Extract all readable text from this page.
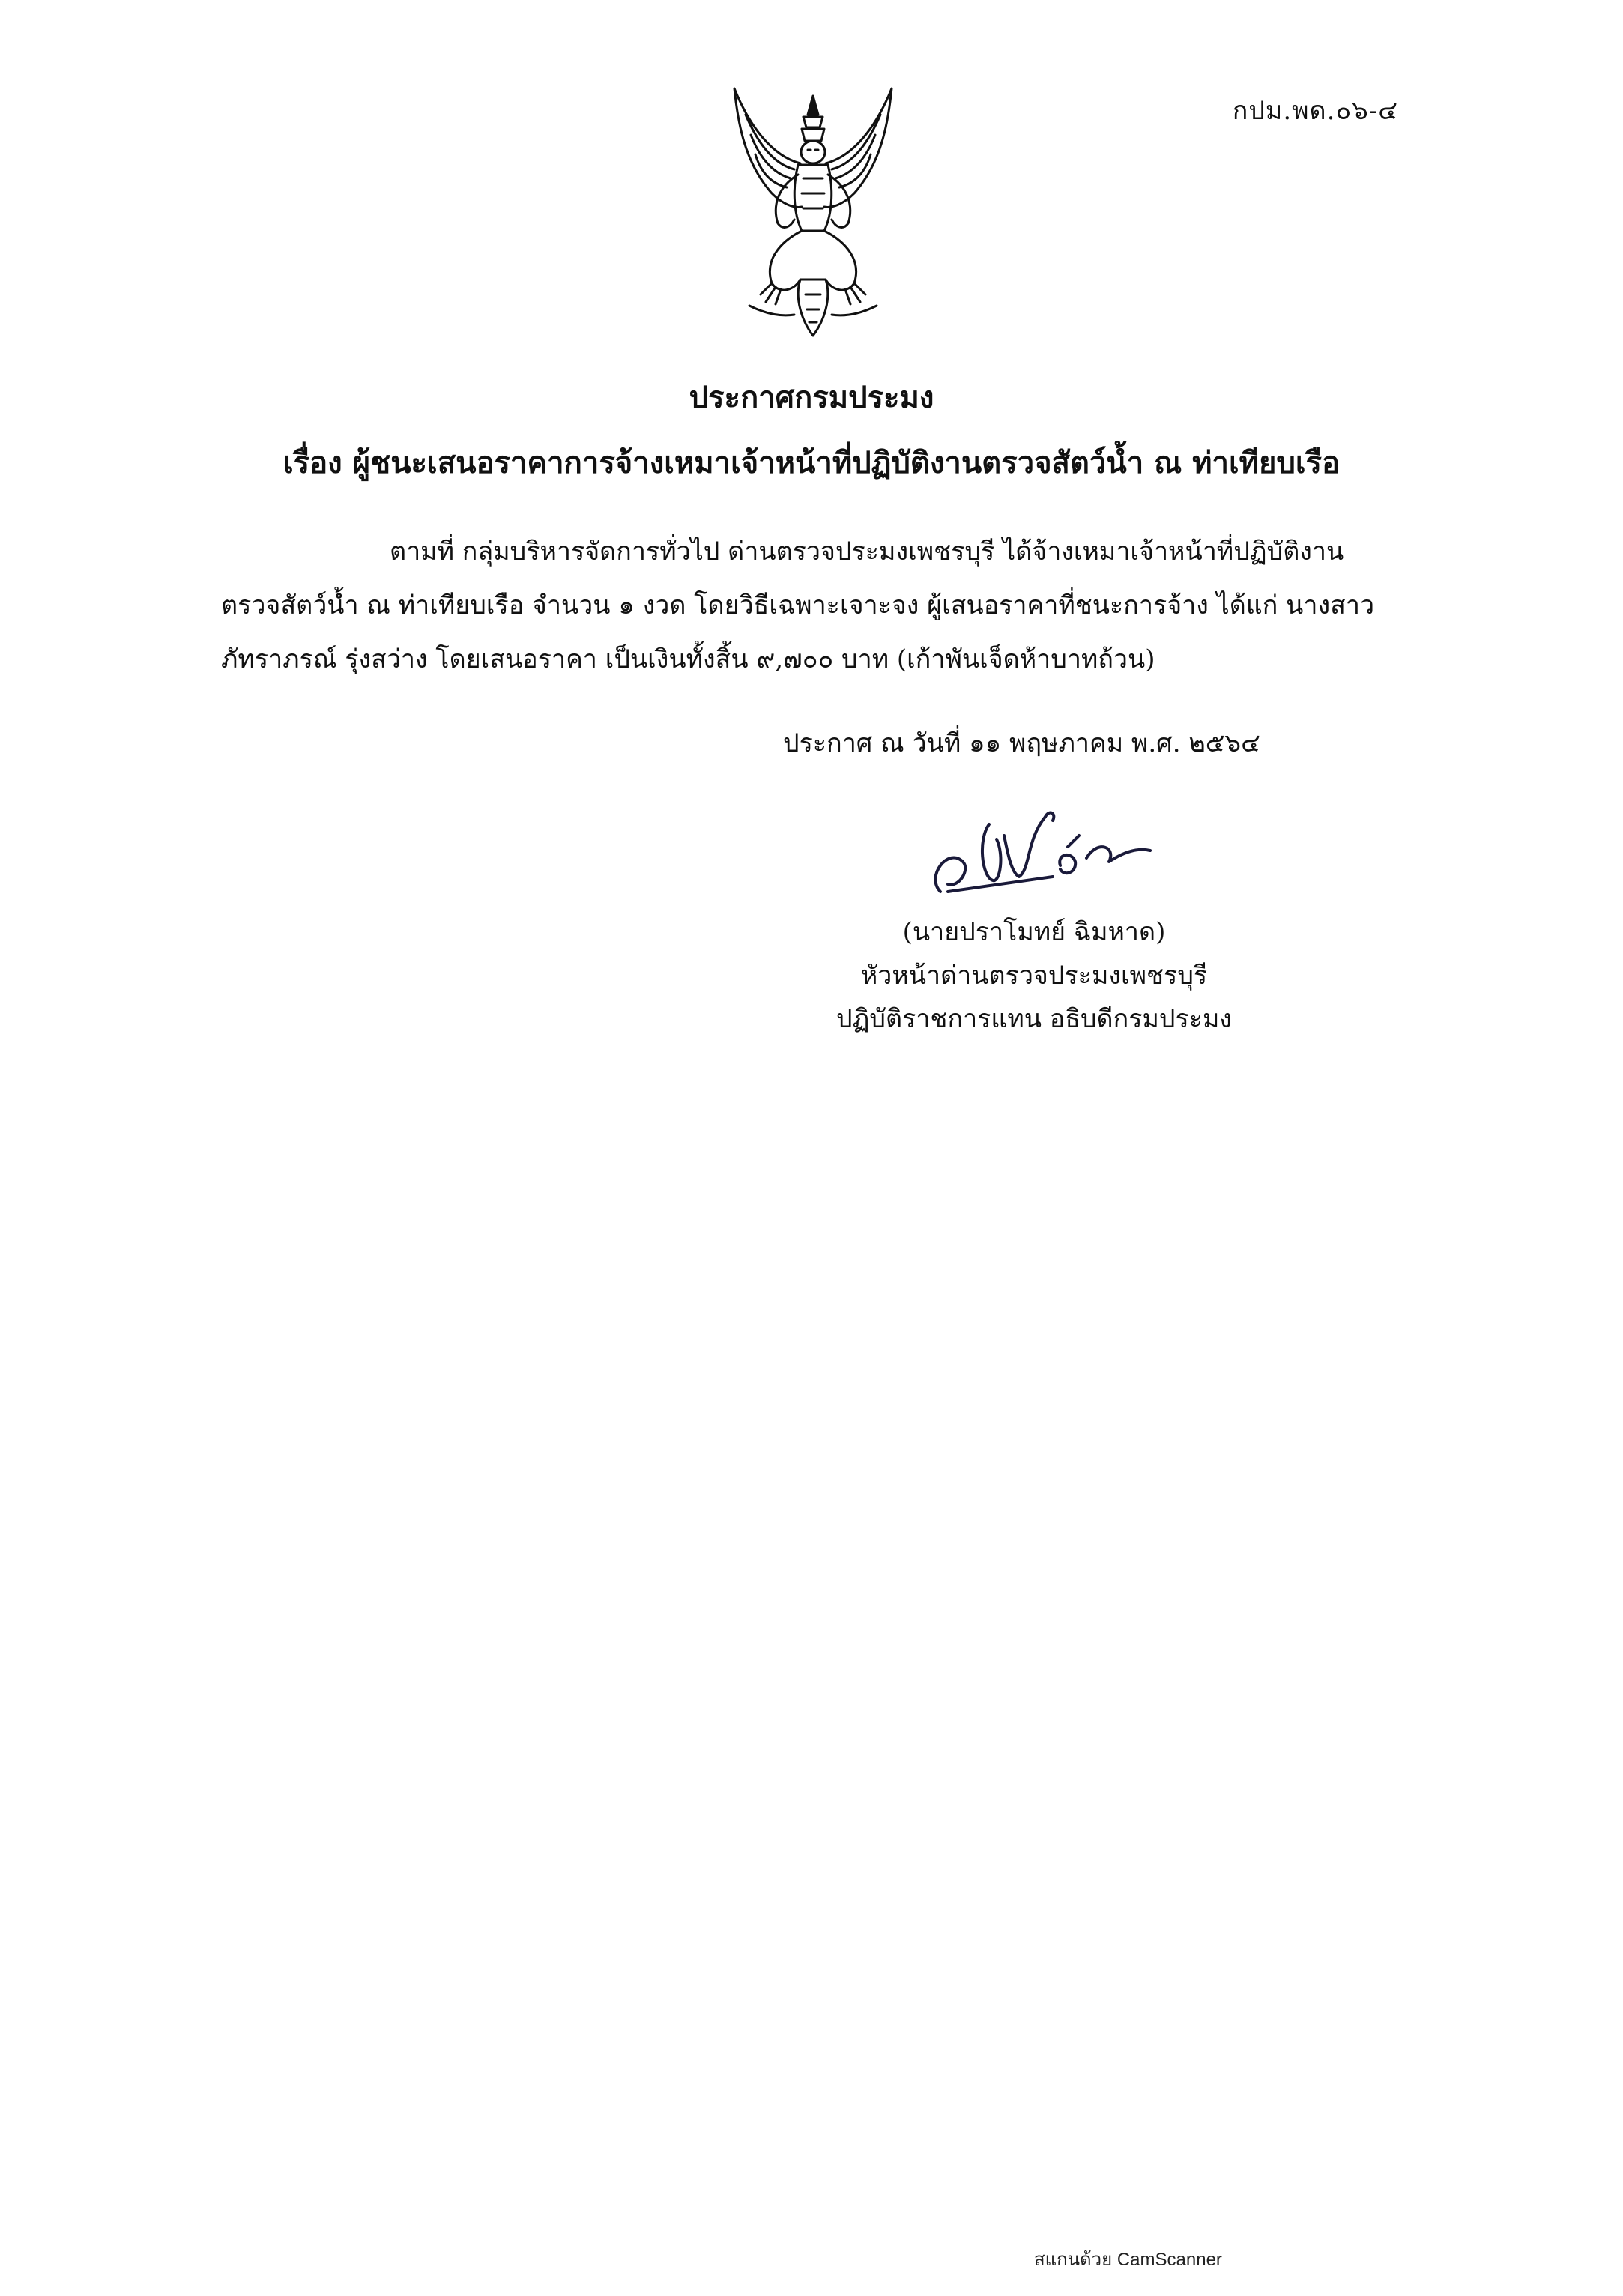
กปม.พด.๐๖-๔
ประกาศกรมประมง
เรื่อง ผู้ชนะเสนอราคาการจ้างเหมาเจ้าหน้าที่ปฏิบัติงานตรวจสัตว์น้ำ ณ ท่าเทียบเรือ
ตามที่ กลุ่มบริหารจัดการทั่วไป ด่านตรวจประมงเพชรบุรี ได้จ้างเหมาเจ้าหน้าที่ปฏิบัติงาน
ตรวจสัตว์น้ำ ณ ท่าเทียบเรือ จำนวน ๑ งวด โดยวิธีเฉพาะเจาะจง ผู้เสนอราคาที่ชนะการจ้าง ได้แก่ นางสาว
ภัทราภรณ์ รุ่งสว่าง โดยเสนอราคา เป็นเงินทั้งสิ้น ๙,๗๐๐ บาท (เก้าพันเจ็ดห้าบาทถ้วน)
ประกาศ ณ วันที่ ๑๑ พฤษภาคม พ.ศ. ๒๕๖๔
(นายปราโมทย์ ฉิมหาด)
หัวหน้าด่านตรวจประมงเพชรบุรี
ปฏิบัติราชการแทน อธิบดีกรมประมง
สแกนด้วย CamScanner
